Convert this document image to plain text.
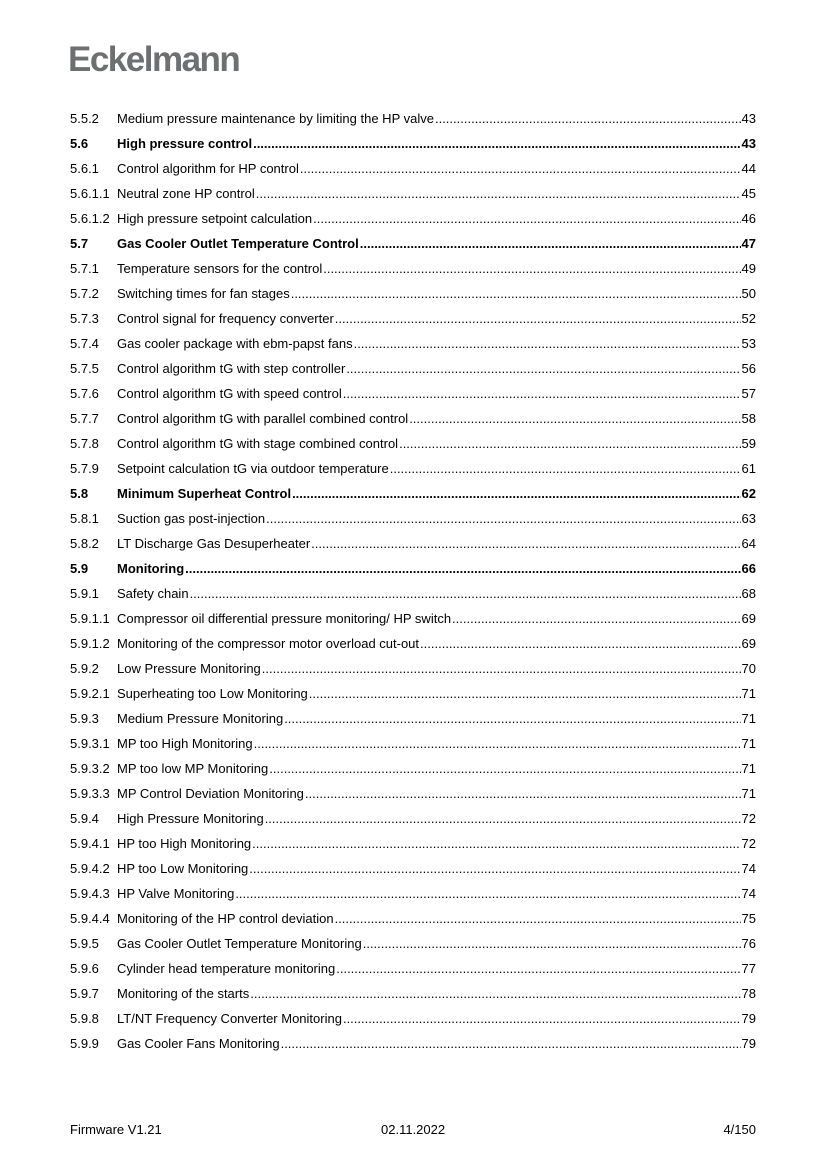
Eckelmann
5.5.2	Medium pressure maintenance by limiting the HP valve .....	43
5.6	High pressure control .....	43
5.6.1	Control algorithm for HP control .....	44
5.6.1.1 Neutral zone HP control .....	45
5.6.1.2 High pressure setpoint calculation .....	46
5.7	Gas Cooler Outlet Temperature Control .....	47
5.7.1	Temperature sensors for the control .....	49
5.7.2	Switching times for fan stages .....	50
5.7.3	Control signal for frequency converter .....	52
5.7.4	Gas cooler package with ebm-papst fans .....	53
5.7.5	Control algorithm tG with step controller .....	56
5.7.6	Control algorithm tG with speed control .....	57
5.7.7	Control algorithm tG with parallel combined control .....	58
5.7.8	Control algorithm tG with stage combined control .....	59
5.7.9	Setpoint calculation tG via outdoor temperature .....	61
5.8	Minimum Superheat Control .....	62
5.8.1	Suction gas post-injection .....	63
5.8.2	LT Discharge Gas Desuperheater .....	64
5.9	Monitoring .....	66
5.9.1	Safety chain .....	68
5.9.1.1 Compressor oil differential pressure monitoring/ HP switch .....	69
5.9.1.2 Monitoring of the compressor motor overload cut-out .....	69
5.9.2	Low Pressure Monitoring .....	70
5.9.2.1 Superheating too Low Monitoring .....	71
5.9.3	Medium Pressure Monitoring .....	71
5.9.3.1 MP too High Monitoring .....	71
5.9.3.2 MP too low MP Monitoring .....	71
5.9.3.3 MP Control Deviation Monitoring .....	71
5.9.4	High Pressure Monitoring .....	72
5.9.4.1 HP too High Monitoring .....	72
5.9.4.2 HP too Low Monitoring .....	74
5.9.4.3 HP Valve Monitoring .....	74
5.9.4.4 Monitoring of the HP control deviation .....	75
5.9.5	Gas Cooler Outlet Temperature Monitoring .....	76
5.9.6	Cylinder head temperature monitoring .....	77
5.9.7	Monitoring of the starts .....	78
5.9.8	LT/NT Frequency Converter Monitoring .....	79
5.9.9	Gas Cooler Fans Monitoring .....	79
Firmware V1.21	02.11.2022	4/150
